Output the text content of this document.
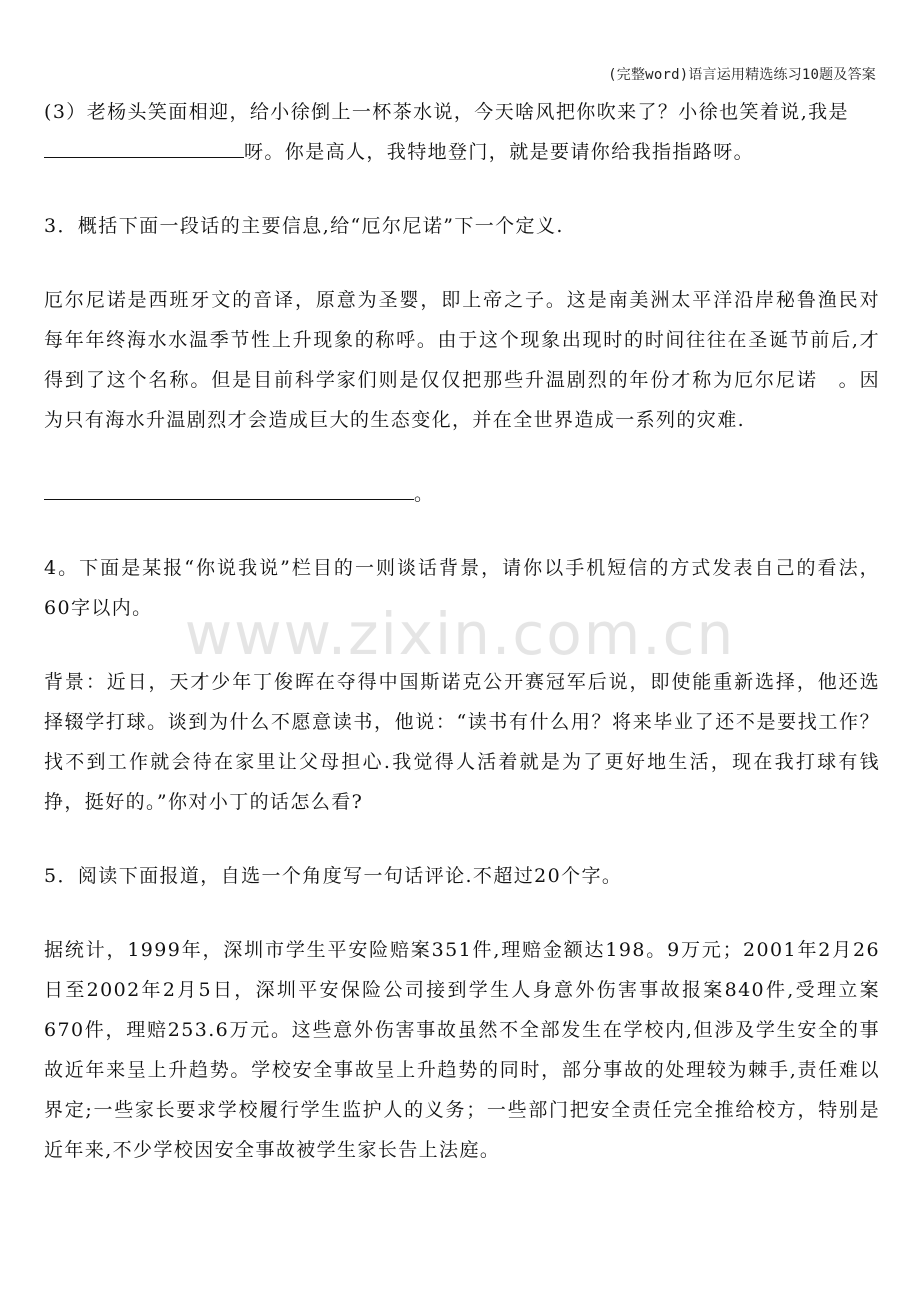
(完整word)语言运用精选练习10题及答案
www.zixin.com.cn

(3）老杨头笑面相迎，给小徐倒上一杯茶水说，今天啥风把你吹来了？小徐也笑着说,我是

呀。你是高人，我特地登门，就是要请你给我指指路呀。

3．概括下面一段话的主要信息,给“厄尔尼诺”下一个定义.

厄尔尼诺是西班牙文的音译，原意为圣婴，即上帝之子。这是南美洲太平洋沿岸秘鲁渔民对每年年终海水水温季节性上升现象的称呼。由于这个现象出现时的时间往往在圣诞节前后,才得到了这个名称。但是目前科学家们则是仅仅把那些升温剧烈的年份才称为厄尔尼诺　。因为只有海水升温剧烈才会造成巨大的生态变化，并在全世界造成一系列的灾难.

。

4。下面是某报“你说我说”栏目的一则谈话背景，请你以手机短信的方式发表自己的看法，60字以内。

背景：近日，天才少年丁俊晖在夺得中国斯诺克公开赛冠军后说，即使能重新选择，他还选择辍学打球。谈到为什么不愿意读书，他说：“读书有什么用？将来毕业了还不是要找工作？找不到工作就会待在家里让父母担心.我觉得人活着就是为了更好地生活，现在我打球有钱挣，挺好的。”你对小丁的话怎么看?

5．阅读下面报道，自选一个角度写一句话评论.不超过20个字。

据统计，1999年，深圳市学生平安险赔案351件,理赔金额达198。9万元；2001年2月26日至2002年2月5日，深圳平安保险公司接到学生人身意外伤害事故报案840件,受理立案670件，理赔253.6万元。这些意外伤害事故虽然不全部发生在学校内,但涉及学生安全的事故近年来呈上升趋势。学校安全事故呈上升趋势的同时，部分事故的处理较为棘手,责任难以界定;一些家长要求学校履行学生监护人的义务；一些部门把安全责任完全推给校方，特别是近年来,不少学校因安全事故被学生家长告上法庭。
